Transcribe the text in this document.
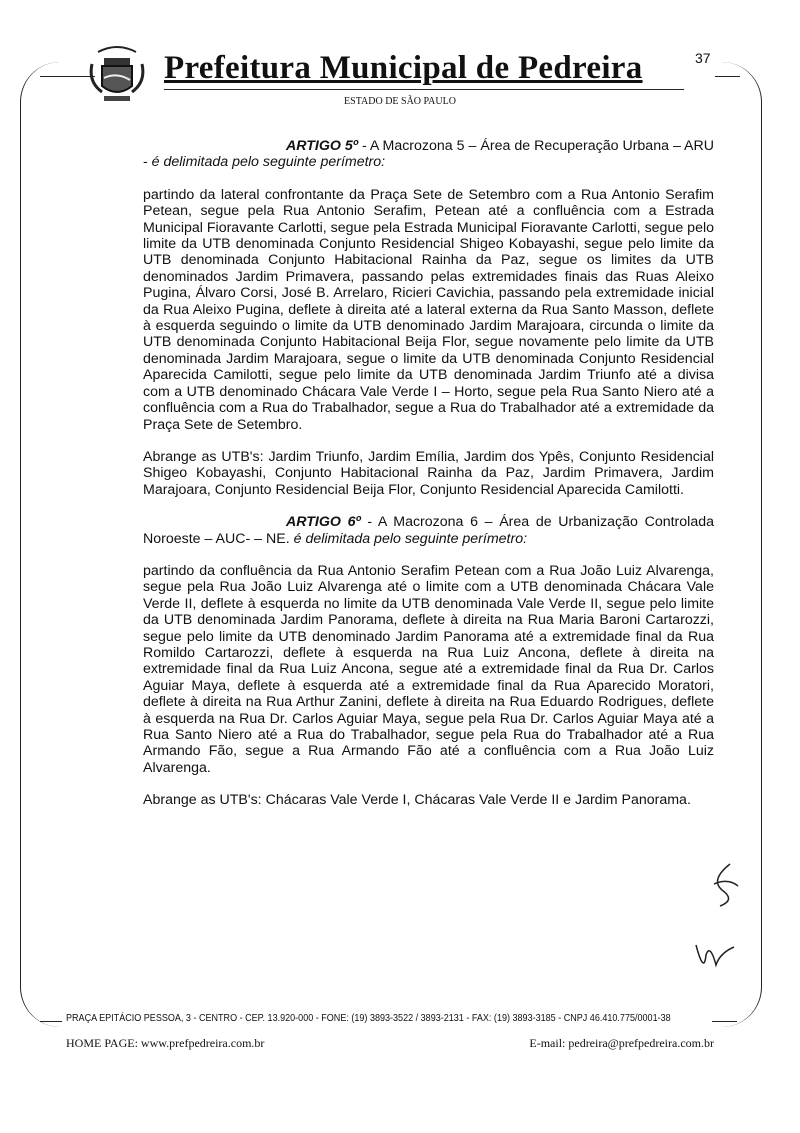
Prefeitura Municipal de Pedreira	37
ESTADO DE SÃO PAULO

ARTIGO 5º - A Macrozona 5 – Área de Recuperação Urbana – ARU - é delimitada pelo seguinte perímetro:

partindo da lateral confrontante da Praça Sete de Setembro com a Rua Antonio Serafim Petean, segue pela Rua Antonio Serafim, Petean até a confluência com a Estrada Municipal Fioravante Carlotti, segue pela Estrada Municipal Fioravante Carlotti, segue pelo limite da UTB denominada Conjunto Residencial Shigeo Kobayashi, segue pelo limite da UTB denominada Conjunto Habitacional Rainha da Paz, segue os limites da UTB denominados Jardim Primavera, passando pelas extremidades finais das Ruas Aleixo Pugina, Álvaro Corsi, José B. Arrelaro, Ricieri Cavichia, passando pela extremidade inicial da Rua Aleixo Pugina, deflete à direita até a lateral externa da Rua Santo Masson, deflete à esquerda seguindo o limite da UTB denominado Jardim Marajoara, circunda o limite da UTB denominada Conjunto Habitacional Beija Flor, segue novamente pelo limite da UTB denominada Jardim Marajoara, segue o limite da UTB denominada Conjunto Residencial Aparecida Camilotti, segue pelo limite da UTB denominada Jardim Triunfo até a divisa com a UTB denominado Chácara Vale Verde I – Horto, segue pela Rua Santo Niero até a confluência com a Rua do Trabalhador, segue a Rua do Trabalhador até a extremidade da Praça Sete de Setembro.

Abrange as UTB's: Jardim Triunfo, Jardim Emília, Jardim dos Ypês, Conjunto Residencial Shigeo Kobayashi, Conjunto Habitacional Rainha da Paz, Jardim Primavera, Jardim Marajoara, Conjunto Residencial Beija Flor, Conjunto Residencial Aparecida Camilotti.

ARTIGO 6º - A Macrozona 6 – Área de Urbanização Controlada Noroeste – AUC- – NE. é delimitada pelo seguinte perímetro:

partindo da confluência da Rua Antonio Serafim Petean com a Rua João Luiz Alvarenga, segue pela Rua João Luiz Alvarenga até o limite com a UTB denominada Chácara Vale Verde II, deflete à esquerda no limite da UTB denominada Vale Verde II, segue pelo limite da UTB denominada Jardim Panorama, deflete à direita na Rua Maria Baroni Cartarozzi, segue pelo limite da UTB denominado Jardim Panorama até a extremidade final da Rua Romildo Cartarozzi, deflete à esquerda na Rua Luiz Ancona, deflete à direita na extremidade final da Rua Luiz Ancona, segue até a extremidade final da Rua Dr. Carlos Aguiar Maya, deflete à esquerda até a extremidade final da Rua Aparecido Moratori, deflete à direita na Rua Arthur Zanini, deflete à direita na Rua Eduardo Rodrigues, deflete à esquerda na Rua Dr. Carlos Aguiar Maya, segue pela Rua Dr. Carlos Aguiar Maya até a Rua Santo Niero até a Rua do Trabalhador, segue pela Rua do Trabalhador até a Rua Armando Fão, segue a Rua Armando Fão até a confluência com a Rua João Luiz Alvarenga.

Abrange as UTB's: Chácaras Vale Verde I, Chácaras Vale Verde II e Jardim Panorama.

PRAÇA EPITÁCIO PESSOA, 3 - CENTRO - CEP. 13.920-000 - FONE: (19) 3893-3522 / 3893-2131 - FAX: (19) 3893-3185 - CNPJ 46.410.775/0001-38
HOME PAGE: www.prefpedreira.com.br	E-mail: pedreira@prefpedreira.com.br
